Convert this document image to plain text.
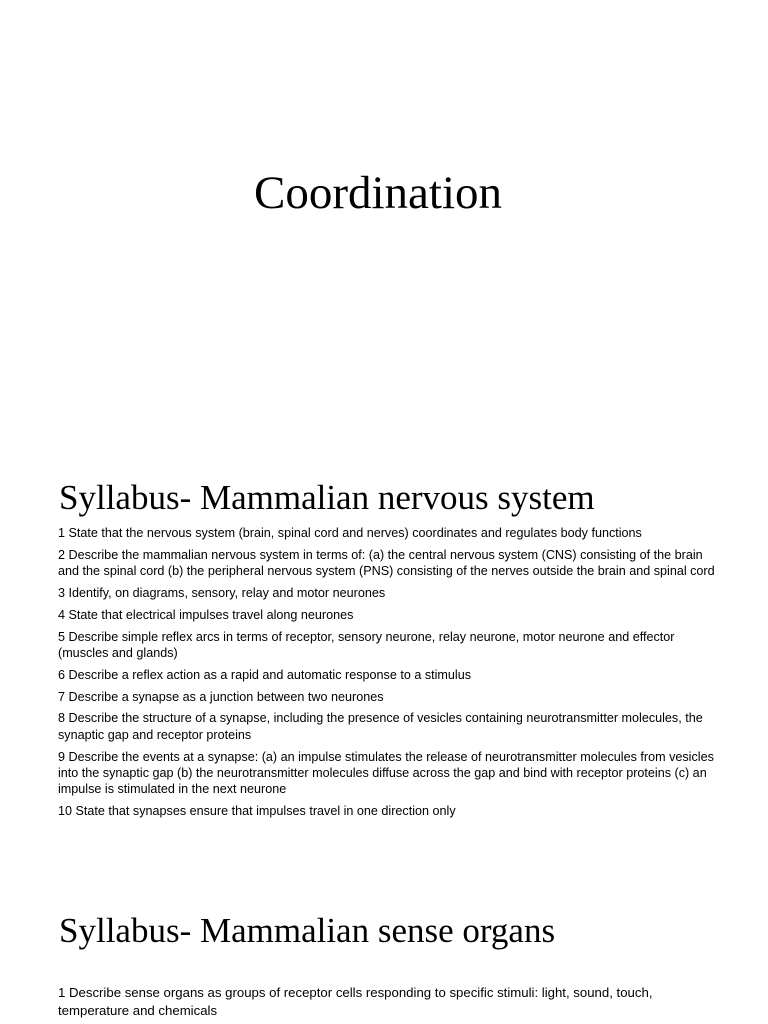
Coordination
Syllabus- Mammalian nervous system
1 State that the nervous system (brain, spinal cord and nerves) coordinates and regulates body functions
2 Describe the mammalian nervous system in terms of: (a) the central nervous system (CNS) consisting of the brain and the spinal cord (b) the peripheral nervous system (PNS) consisting of the nerves outside the brain and spinal cord
3 Identify, on diagrams, sensory, relay and motor neurones
4 State that electrical impulses travel along neurones
5 Describe simple reflex arcs in terms of receptor, sensory neurone, relay neurone, motor neurone and effector (muscles and glands)
6 Describe a reflex action as a rapid and automatic response to a stimulus
7 Describe a synapse as a junction between two neurones
8 Describe the structure of a synapse, including the presence of vesicles containing neurotransmitter molecules, the synaptic gap and receptor proteins
9 Describe the events at a synapse: (a) an impulse stimulates the release of neurotransmitter molecules from vesicles into the synaptic gap (b) the neurotransmitter molecules diffuse across the gap and bind with receptor proteins (c) an impulse is stimulated in the next neurone
10 State that synapses ensure that impulses travel in one direction only
Syllabus- Mammalian sense organs
1 Describe sense organs as groups of receptor cells responding to specific stimuli: light, sound, touch, temperature and chemicals
